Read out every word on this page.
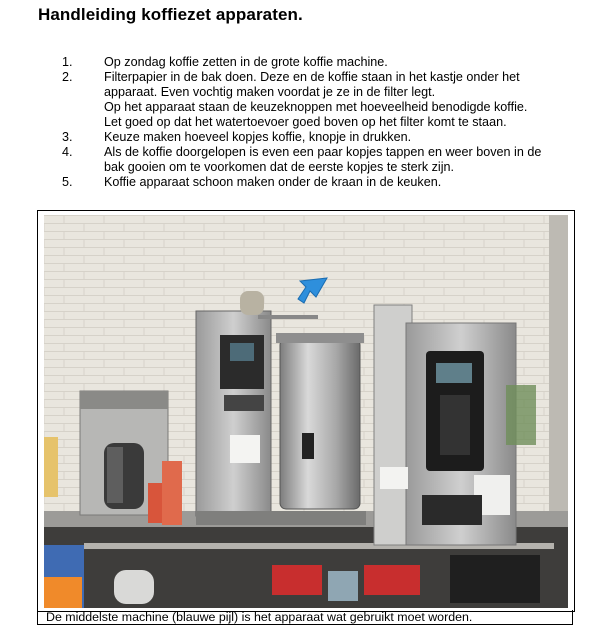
Handleiding koffiezet apparaten.
1.	Op zondag koffie zetten in de grote koffie machine.
2.	Filterpapier in de bak doen. Deze en de koffie staan in het kastje onder het
apparaat. Even vochtig maken voordat je ze in de filter legt.
Op het apparaat staan de keuzeknoppen met hoeveelheid benodigde koffie.
Let goed op dat het watertoevoer goed boven op het filter komt te staan.
3.	Keuze maken hoeveel kopjes koffie, knopje in drukken.
4.	Als de koffie doorgelopen is even een paar kopjes tappen en weer boven in de
bak gooien om te voorkomen dat de eerste kopjes te sterk zijn.
5.	Koffie apparaat schoon maken onder de kraan in de keuken.
De middelste machine (blauwe pijl) is het apparaat wat gebruikt moet worden.
